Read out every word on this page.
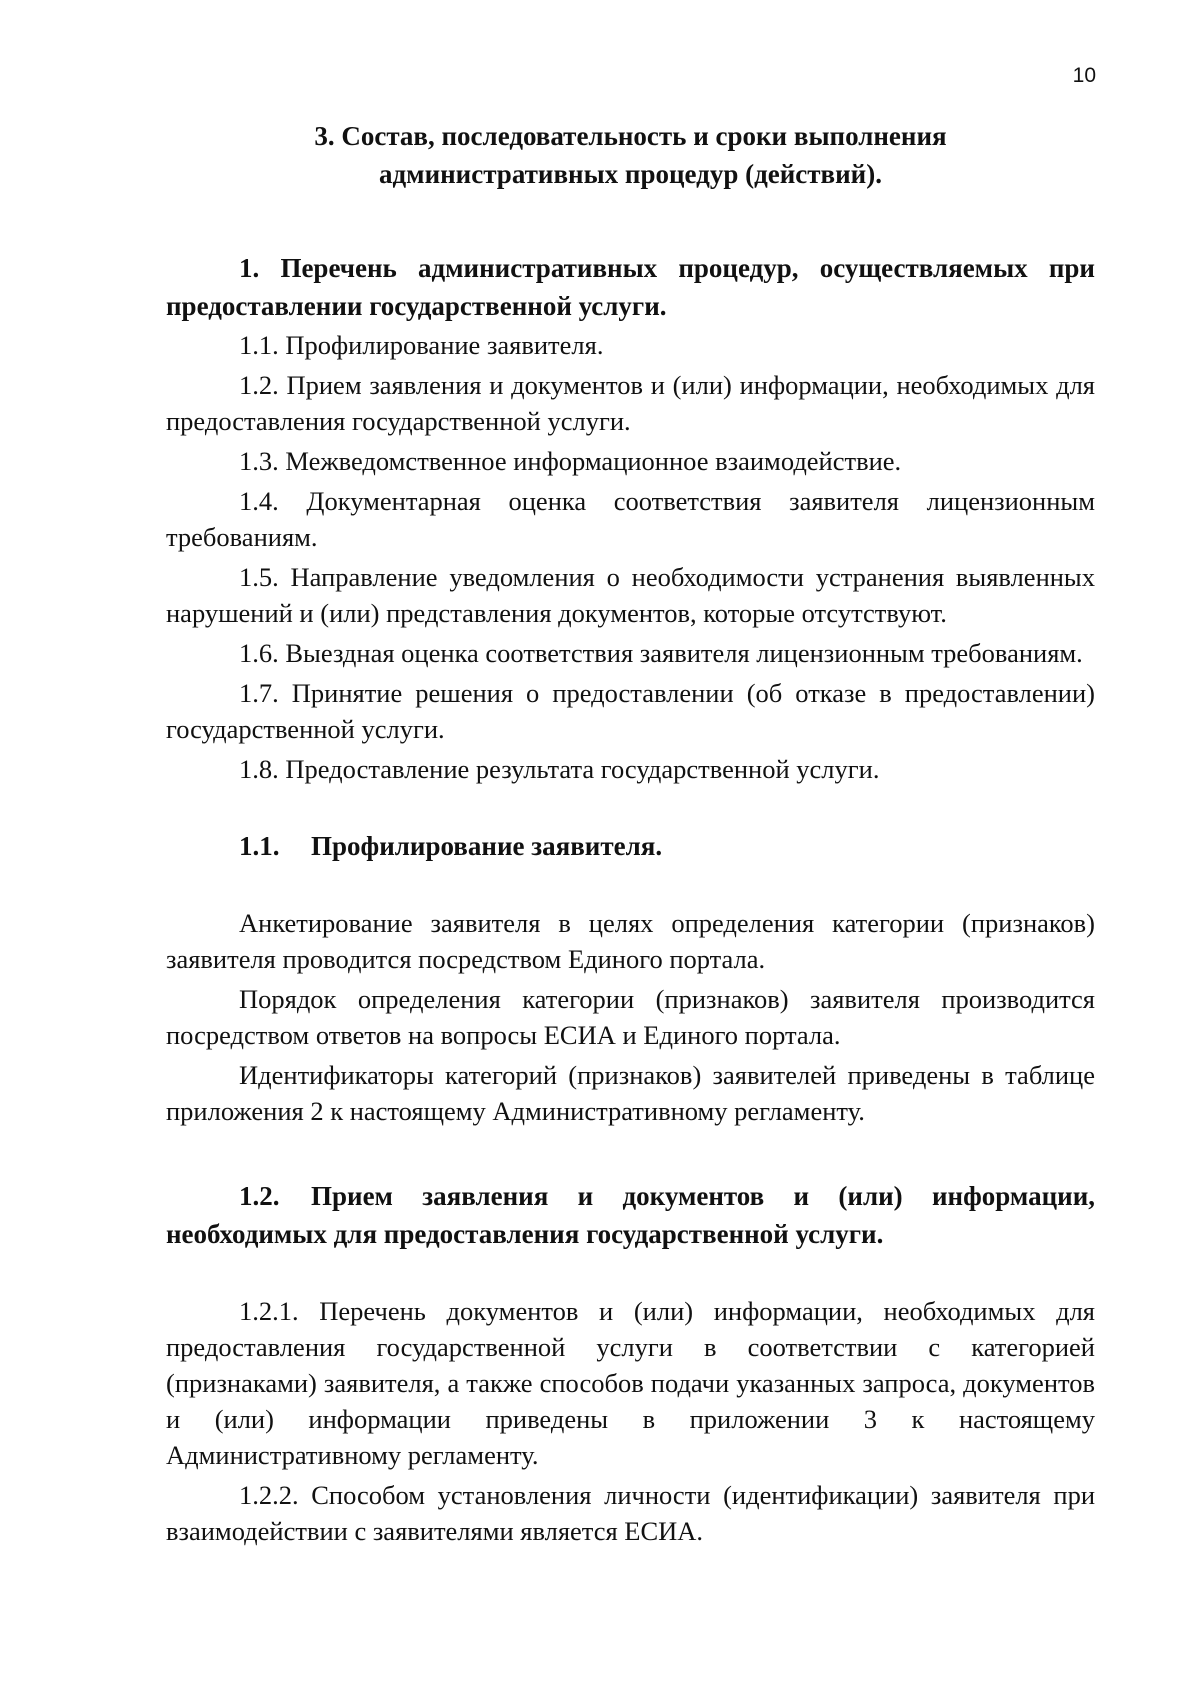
10
3. Состав, последовательность и сроки выполнения
административных процедур (действий).

1. Перечень административных процедур, осуществляемых при предоставлении государственной услуги.

1.1. Профилирование заявителя.

1.2. Прием заявления и документов и (или) информации, необходимых для предоставления государственной услуги.

1.3. Межведомственное информационное взаимодействие.

1.4. Документарная оценка соответствия заявителя лицензионным требованиям.

1.5. Направление уведомления о необходимости устранения выявленных нарушений и (или) представления документов, которые отсутствуют.

1.6. Выездная оценка соответствия заявителя лицензионным требованиям.

1.7. Принятие решения о предоставлении (об отказе в предоставлении) государственной услуги.

1.8. Предоставление результата государственной услуги.

1.1. Профилирование заявителя.

Анкетирование заявителя в целях определения категории (признаков) заявителя проводится посредством Единого портала.

Порядок определения категории (признаков) заявителя производится посредством ответов на вопросы ЕСИА и Единого портала.

Идентификаторы категорий (признаков) заявителей приведены в таблице приложения 2 к настоящему Административному регламенту.

1.2. Прием заявления и документов и (или) информации, необходимых для предоставления государственной услуги.

1.2.1. Перечень документов и (или) информации, необходимых для предоставления государственной услуги в соответствии с категорией (признаками) заявителя, а также способов подачи указанных запроса, документов и (или) информации приведены в приложении 3 к настоящему Административному регламенту.

1.2.2. Способом установления личности (идентификации) заявителя при взаимодействии с заявителями является ЕСИА.
